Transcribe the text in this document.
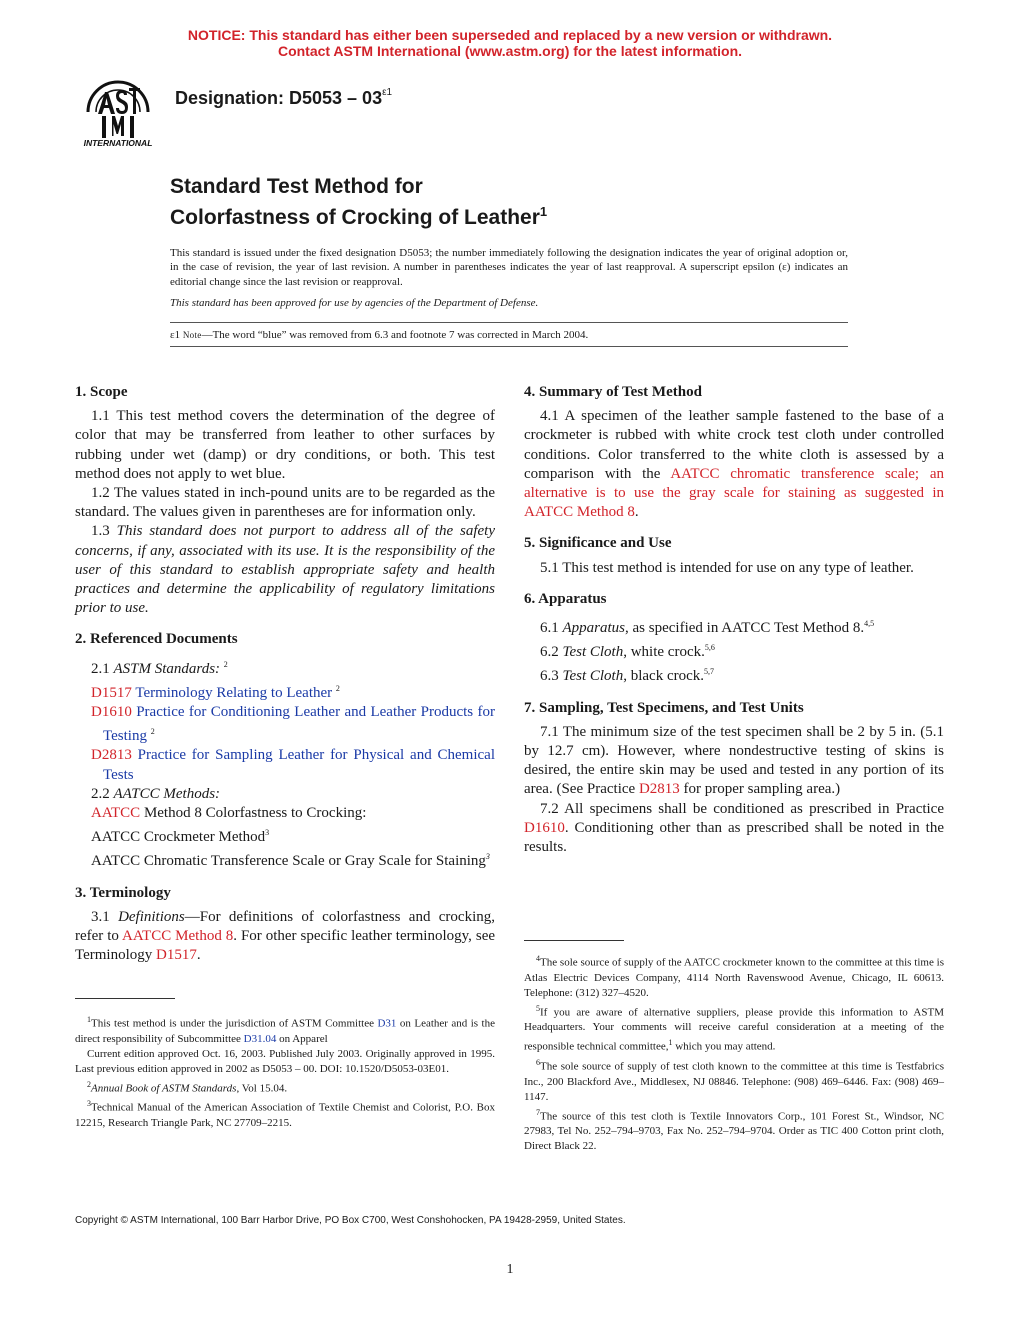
NOTICE: This standard has either been superseded and replaced by a new version or withdrawn.
Contact ASTM International (www.astm.org) for the latest information.
INTERNATIONAL
Designation: $D5053 - 03^{\varepsilon 1}$
Standard Test Method for
Colorfastness of Crocking of Leather$^1$
This standard is issued under the fixed designation D5053; the number immediately following the designation indicates the year of original adoption or, in the case of revision, the year of last revision. A number in parentheses indicates the year of last reapproval. A superscript epsilon (ε) indicates an editorial change since the last revision or reapproval.
This standard has been approved for use by agencies of the Department of Defense.
ε1 Note—The word “blue” was removed from 6.3 and footnote 7 was corrected in March 2004.
1. Scope
1.1 This test method covers the determination of the degree of color that may be transferred from leather to other surfaces by rubbing under wet (damp) or dry conditions, or both. This test method does not apply to wet blue.
1.2 The values stated in inch-pound units are to be regarded as the standard. The values given in parentheses are for information only.
1.3 This standard does not purport to address all of the safety concerns, if any, associated with its use. It is the responsibility of the user of this standard to establish appropriate safety and health practices and determine the applicability of regulatory limitations prior to use.
2. Referenced Documents
2.1 ASTM Standards: $^2$
D1517 Terminology Relating to Leather $^2$
D1610 Practice for Conditioning Leather and Leather Products for Testing $^2$
D2813 Practice for Sampling Leather for Physical and Chemical Tests
2.2 AATCC Methods:
AATCC Method 8 Colorfastness to Crocking:
AATCC Crockmeter Method$^3$
AATCC Chromatic Transference Scale or Gray Scale for Staining$^3$
3. Terminology
3.1 Definitions—For definitions of colorfastness and crocking, refer to AATCC Method 8. For other specific leather terminology, see Terminology D1517.
$^1$This test method is under the jurisdiction of ASTM Committee D31 on Leather and is the direct responsibility of Subcommittee D31.04 on Apparel
Current edition approved Oct. 16, 2003. Published July 2003. Originally approved in 1995. Last previous edition approved in 2002 as D5053 – 00. DOI: 10.1520/D5053-03E01.
$^2$Annual Book of ASTM Standards, Vol 15.04.
$^3$Technical Manual of the American Association of Textile Chemist and Colorist, P.O. Box 12215, Research Triangle Park, NC 27709–2215.
4. Summary of Test Method
4.1 A specimen of the leather sample fastened to the base of a crockmeter is rubbed with white crock test cloth under controlled conditions. Color transferred to the white cloth is assessed by a comparison with the AATCC chromatic transference scale; an alternative is to use the gray scale for staining as suggested in AATCC Method 8.
5. Significance and Use
5.1 This test method is intended for use on any type of leather.
6. Apparatus
6.1 Apparatus, as specified in AATCC Test Method 8.$^{4,5}$
6.2 Test Cloth, white crock.$^{5,6}$
6.3 Test Cloth, black crock.$^{5,7}$
7. Sampling, Test Specimens, and Test Units
7.1 The minimum size of the test specimen shall be 2 by 5 in. (5.1 by 12.7 cm). However, where nondestructive testing of skins is desired, the entire skin may be used and tested in any portion of its area. (See Practice D2813 for proper sampling area.)
7.2 All specimens shall be conditioned as prescribed in Practice D1610. Conditioning other than as prescribed shall be noted in the results.
$^4$The sole source of supply of the AATCC crockmeter known to the committee at this time is Atlas Electric Devices Company, 4114 North Ravenswood Avenue, Chicago, IL 60613. Telephone: (312) 327–4520.
$^5$If you are aware of alternative suppliers, please provide this information to ASTM Headquarters. Your comments will receive careful consideration at a meeting of the responsible technical committee,$^1$ which you may attend.
$^6$The sole source of supply of test cloth known to the committee at this time is Testfabrics Inc., 200 Blackford Ave., Middlesex, NJ 08846. Telephone: (908) 469–6446. Fax: (908) 469–1147.
$^7$The source of this test cloth is Textile Innovators Corp., 101 Forest St., Windsor, NC 27983, Tel No. 252–794–9703, Fax No. 252–794–9704. Order as TIC 400 Cotton print cloth, Direct Black 22.
Copyright © ASTM International, 100 Barr Harbor Drive, PO Box C700, West Conshohocken, PA 19428-2959, United States.
1
